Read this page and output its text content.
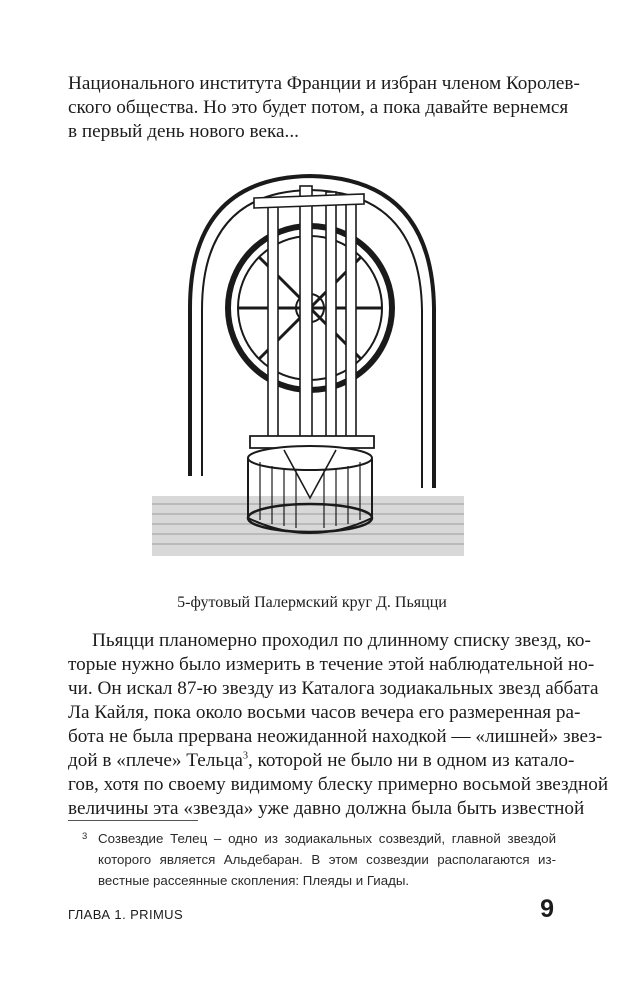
Национального института Франции и избран членом Королев-
ского общества. Но это будет потом, а пока давайте вернемся
в первый день нового века...
5-футовый Палермский круг Д. Пьяцци
Пьяцци планомерно проходил по длинному списку звезд, ко-
торые нужно было измерить в течение этой наблюдательной но-
чи. Он искал 87-ю звезду из Каталога зодиакальных звезд аббата
Ла Кайля, пока около восьми часов вечера его размеренная ра-
бота не была прервана неожиданной находкой — «лишней» звез-
дой в «плече» Тельца$^3$, которой не было ни в одном из катало-
гов, хотя по своему видимому блеску примерно восьмой звездной
величины эта «звезда» уже давно должна была быть известной
3 Созвездие Телец – одно из зодиакальных созвездий, главной звездой
которого является Альдебаран. В этом созвездии располагаются из-
вестные рассеянные скопления: Плеяды и Гиады.
ГЛАВА 1. PRIMUS	9
